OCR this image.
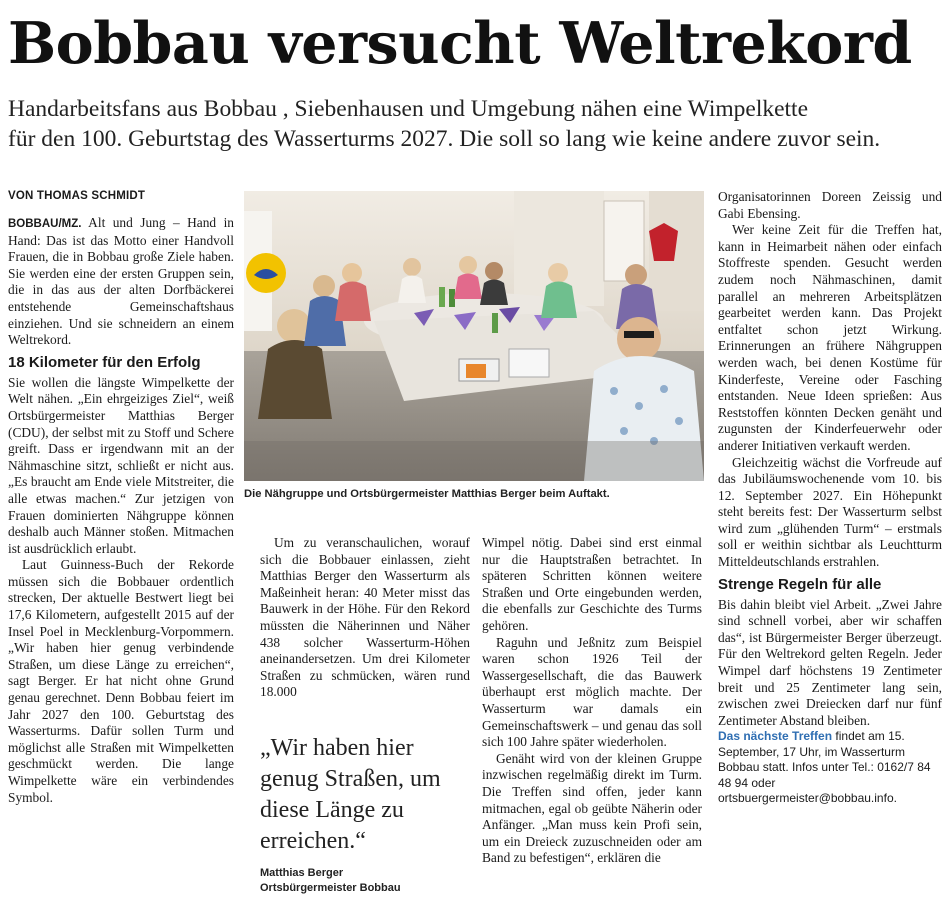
Bobbau versucht Weltrekord
Handarbeitsfans aus Bobbau , Siebenhausen und Umgebung nähen eine Wimpelkette
für den 100. Geburtstag des Wasserturms 2027. Die soll so lang wie keine andere zuvor sein.
VON THOMAS SCHMIDT

BOBBAU/MZ. Alt und Jung – Hand in Hand: Das ist das Motto einer Handvoll Frauen, die in Bobbau große Ziele haben. Sie werden eine der ersten Gruppen sein, die in das aus der alten Dorfbäckerei entstehende Gemeinschaftshaus einziehen. Und sie schneidern an einem Weltrekord.

18 Kilometer für den Erfolg

Sie wollen die längste Wimpelkette der Welt nähen. „Ein ehrgeiziges Ziel“, weiß Ortsbürgermeister Matthias Berger (CDU), der selbst mit zu Stoff und Schere greift. Dass er irgendwann mit an der Nähmaschine sitzt, schließt er nicht aus. „Es braucht am Ende viele Mitstreiter, die alle etwas machen.“ Zur jetzigen von Frauen dominierten Nähgruppe können deshalb auch Männer stoßen. Mitmachen ist ausdrücklich erlaubt.

Laut Guinness-Buch der Rekorde müssen sich die Bobbauer ordentlich strecken, Der aktuelle Bestwert liegt bei 17,6 Kilometern, aufgestellt 2015 auf der Insel Poel in Mecklenburg-Vorpommern. „Wir haben hier genug verbindende Straßen, um diese Länge zu erreichen“, sagt Berger. Er hat nicht ohne Grund genau gerechnet. Denn Bobbau feiert im Jahr 2027 den 100. Geburtstag des Wasserturms. Dafür sollen Turm und möglichst alle Straßen mit Wimpelketten geschmückt werden. Die lange Wimpelkette wäre ein verbindendes Symbol.

Die Nähgruppe und Ortsbürgermeister Matthias Berger beim Auftakt.

Um zu veranschaulichen, worauf sich die Bobbauer einlassen, zieht Matthias Berger den Wasserturm als Maßeinheit heran: 40 Meter misst das Bauwerk in der Höhe. Für den Rekord müssten die Näherinnen und Näher 438 solcher Wasserturm-Höhen aneinandersetzen. Um drei Kilometer Straßen zu schmücken, wären rund 18.000

„Wir haben hier genug Straßen, um diese Länge zu erreichen.“
Matthias Berger
Ortsbürgermeister Bobbau

Wimpel nötig. Dabei sind erst einmal nur die Hauptstraßen betrachtet. In späteren Schritten können weitere Straßen und Orte eingebunden werden, die ebenfalls zur Geschichte des Turms gehören.

Raguhn und Jeßnitz zum Beispiel waren schon 1926 Teil der Wassergesellschaft, die das Bauwerk überhaupt erst möglich machte. Der Wasserturm war damals ein Gemeinschaftswerk – und genau das soll sich 100 Jahre später wiederholen.

Genäht wird von der kleinen Gruppe inzwischen regelmäßig direkt im Turm. Die Treffen sind offen, jeder kann mitmachen, egal ob geübte Näherin oder Anfänger. „Man muss kein Profi sein, um ein Dreieck zuzuschneiden oder am Band zu befestigen“, erklären die

Organisatorinnen Doreen Zeissig und Gabi Ebensing.

Wer keine Zeit für die Treffen hat, kann in Heimarbeit nähen oder einfach Stoffreste spenden. Gesucht werden zudem noch Nähmaschinen, damit parallel an mehreren Arbeitsplätzen gearbeitet werden kann. Das Projekt entfaltet schon jetzt Wirkung. Erinnerungen an frühere Nähgruppen werden wach, bei denen Kostüme für Kinderfeste, Vereine oder Fasching entstanden. Neue Ideen sprießen: Aus Reststoffen könnten Decken genäht und zugunsten der Kinderfeuerwehr oder anderer Initiativen verkauft werden.

Gleichzeitig wächst die Vorfreude auf das Jubiläumswochenende vom 10. bis 12. September 2027. Ein Höhepunkt steht bereits fest: Der Wasserturm selbst wird zum „glühenden Turm“ – erstmals soll er weithin sichtbar als Leuchtturm Mitteldeutschlands erstrahlen.

Strenge Regeln für alle

Bis dahin bleibt viel Arbeit. „Zwei Jahre sind schnell vorbei, aber wir schaffen das“, ist Bürgermeister Berger überzeugt. Für den Weltrekord gelten Regeln. Jeder Wimpel darf höchstens 19 Zentimeter breit und 25 Zentimeter lang sein, zwischen zwei Dreiecken darf nur fünf Zentimeter Abstand bleiben.

Das nächste Treffen findet am 15. September, 17 Uhr, im Wasserturm Bobbau statt. Infos unter Tel.: 0162/7 84 48 94 oder ortsbuergermeister@bobbau.info.
